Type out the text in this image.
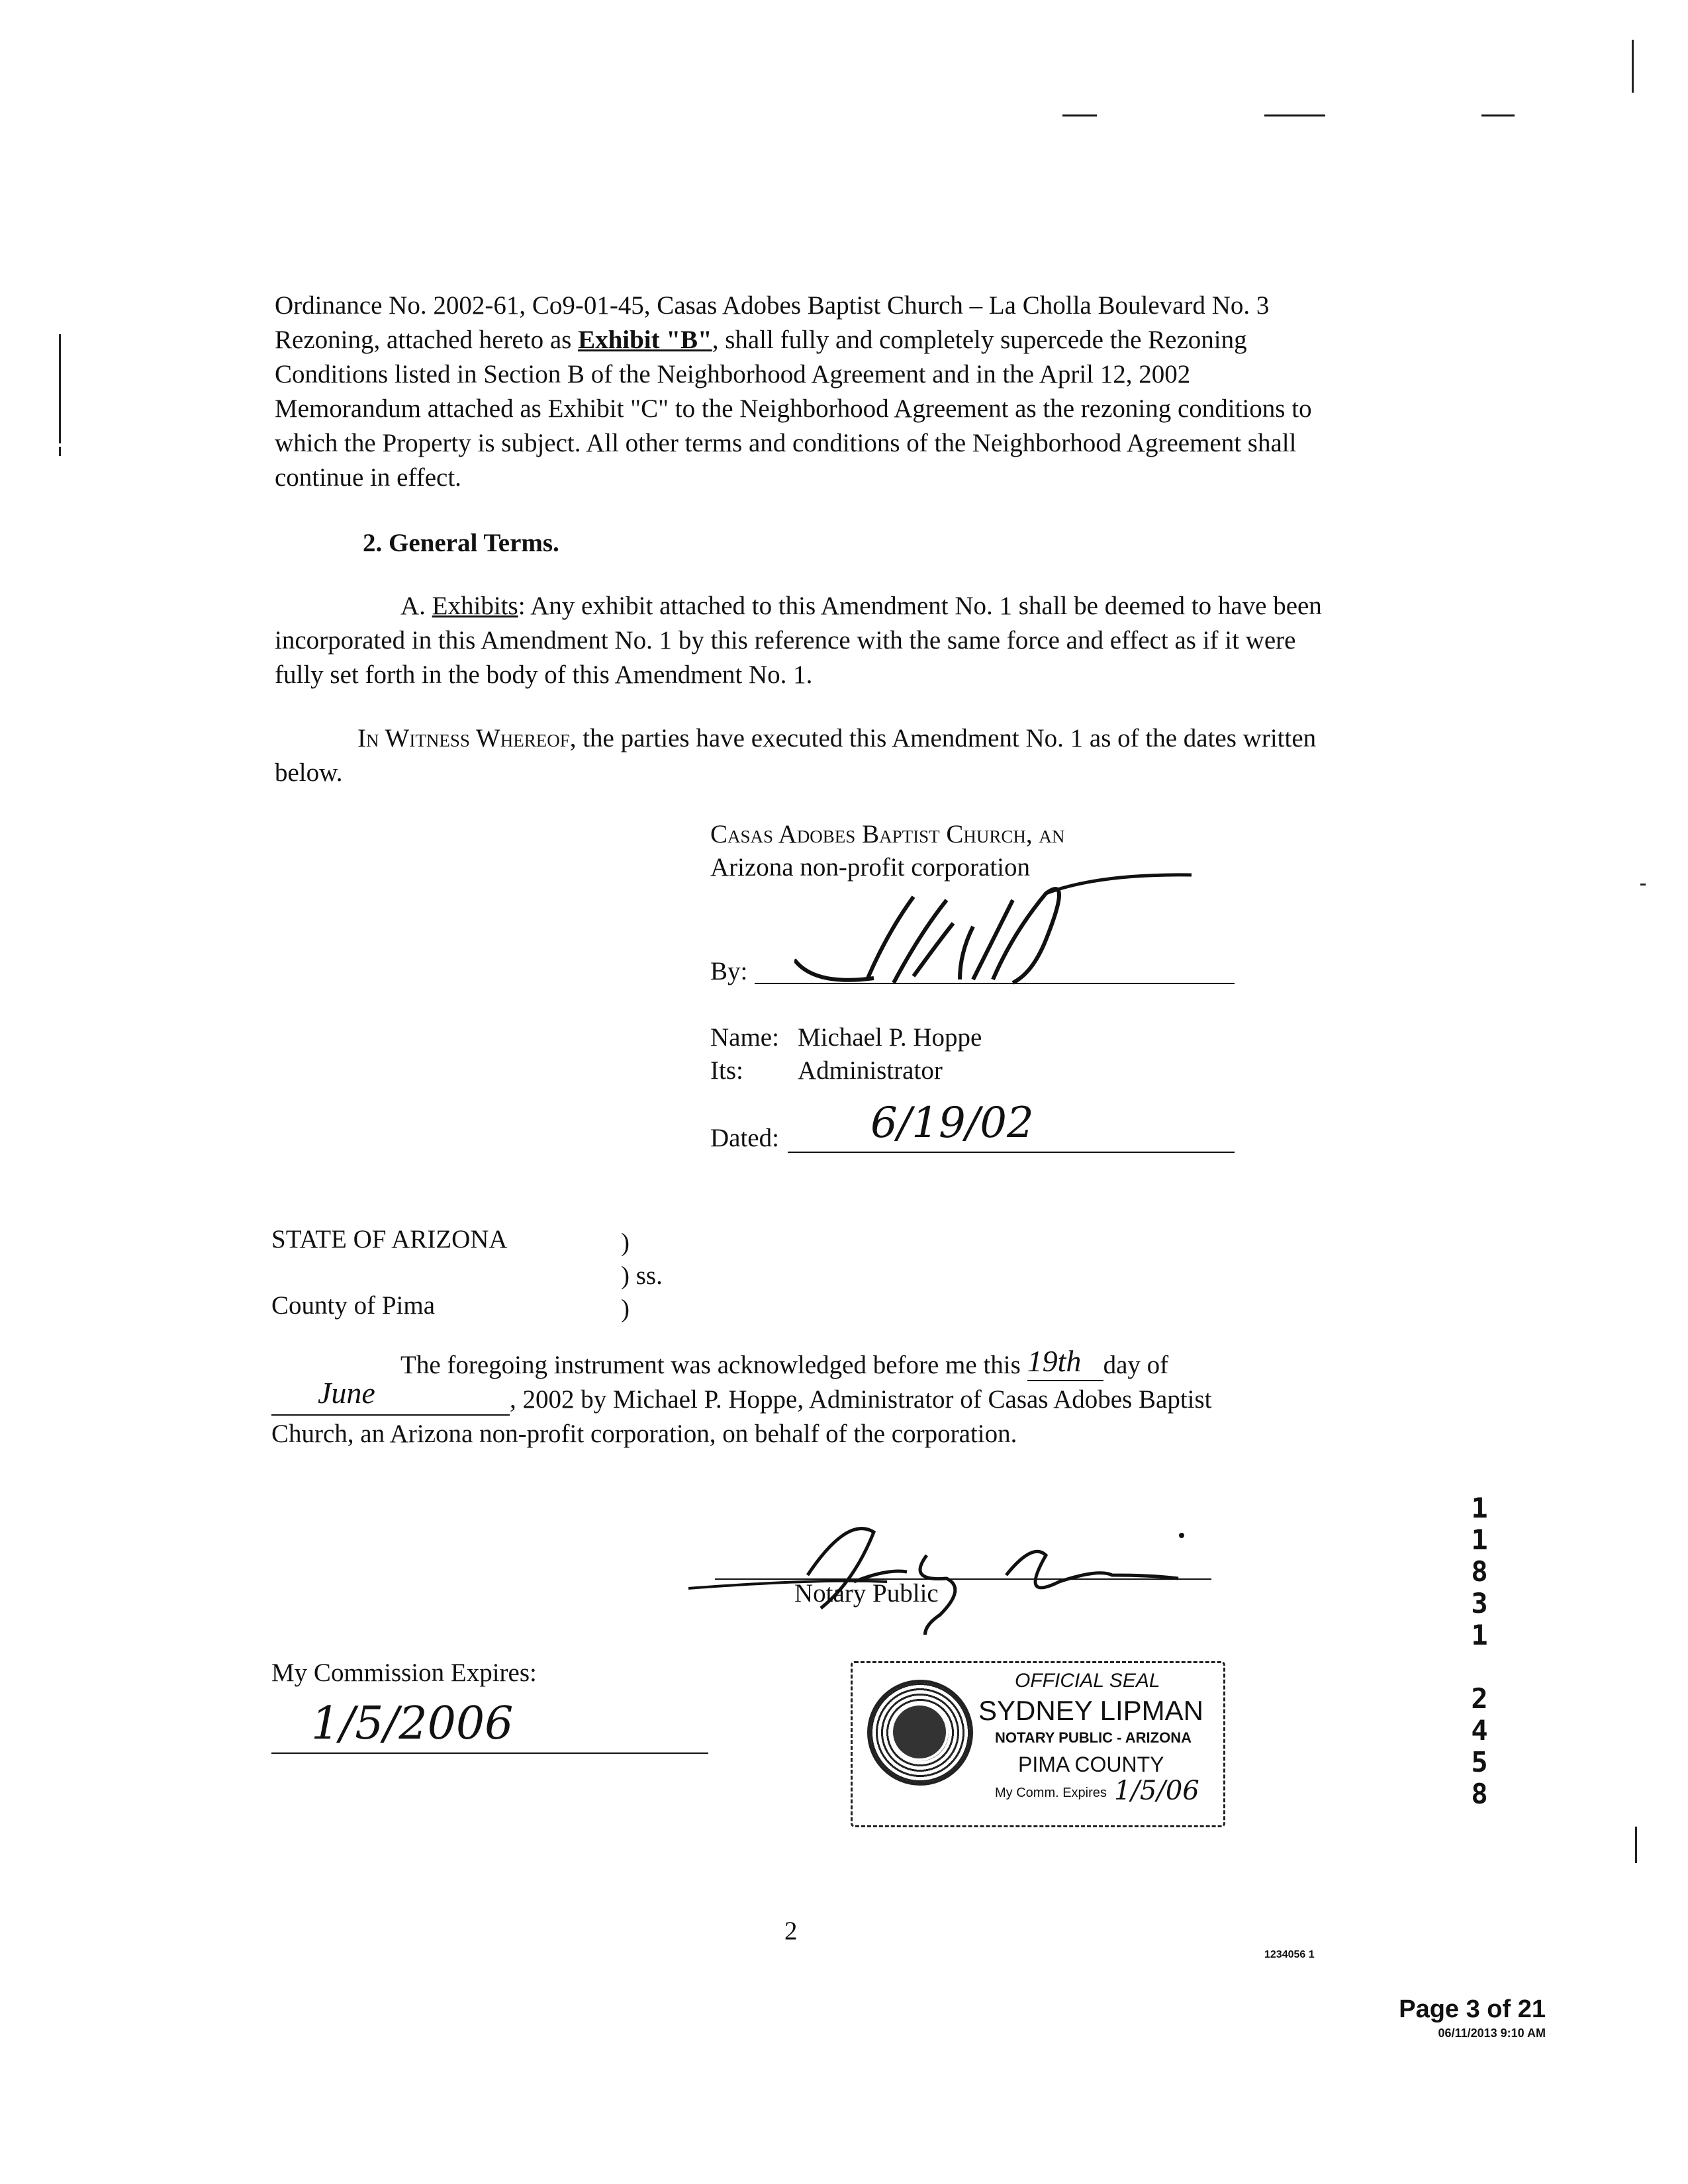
Ordinance No. 2002-61, Co9-01-45, Casas Adobes Baptist Church – La Cholla Boulevard No. 3 Rezoning, attached hereto as Exhibit "B", shall fully and completely supercede the Rezoning Conditions listed in Section B of the Neighborhood Agreement and in the April 12, 2002 Memorandum attached as Exhibit "C" to the Neighborhood Agreement as the rezoning conditions to which the Property is subject. All other terms and conditions of the Neighborhood Agreement shall continue in effect.
2. General Terms.
A. Exhibits: Any exhibit attached to this Amendment No. 1 shall be deemed to have been incorporated in this Amendment No. 1 by this reference with the same force and effect as if it were fully set forth in the body of this Amendment No. 1.
In Witness Whereof, the parties have executed this Amendment No. 1 as of the dates written below.
Casas Adobes Baptist Church, an
Arizona non-profit corporation
By:
Name: Michael P. Hoppe
Its: Administrator
Dated: 6/19/02
STATE OF ARIZONA
County of Pima
)
) ss.
)
The foregoing instrument was acknowledged before me this 19th day of
June	, 2002 by Michael P. Hoppe, Administrator of Casas Adobes Baptist
Church, an Arizona non-profit corporation, on behalf of the corporation.
Notary Public
My Commission Expires:
1/5/2006
OFFICIAL SEAL
SYDNEY LIPMAN
NOTARY PUBLIC - ARIZONA
PIMA COUNTY
My Comm. Expires 1/5/06
1
1
8
3
1
2
4
5
8
2
1234056 1
Page 3 of 21
06/11/2013 9:10 AM
